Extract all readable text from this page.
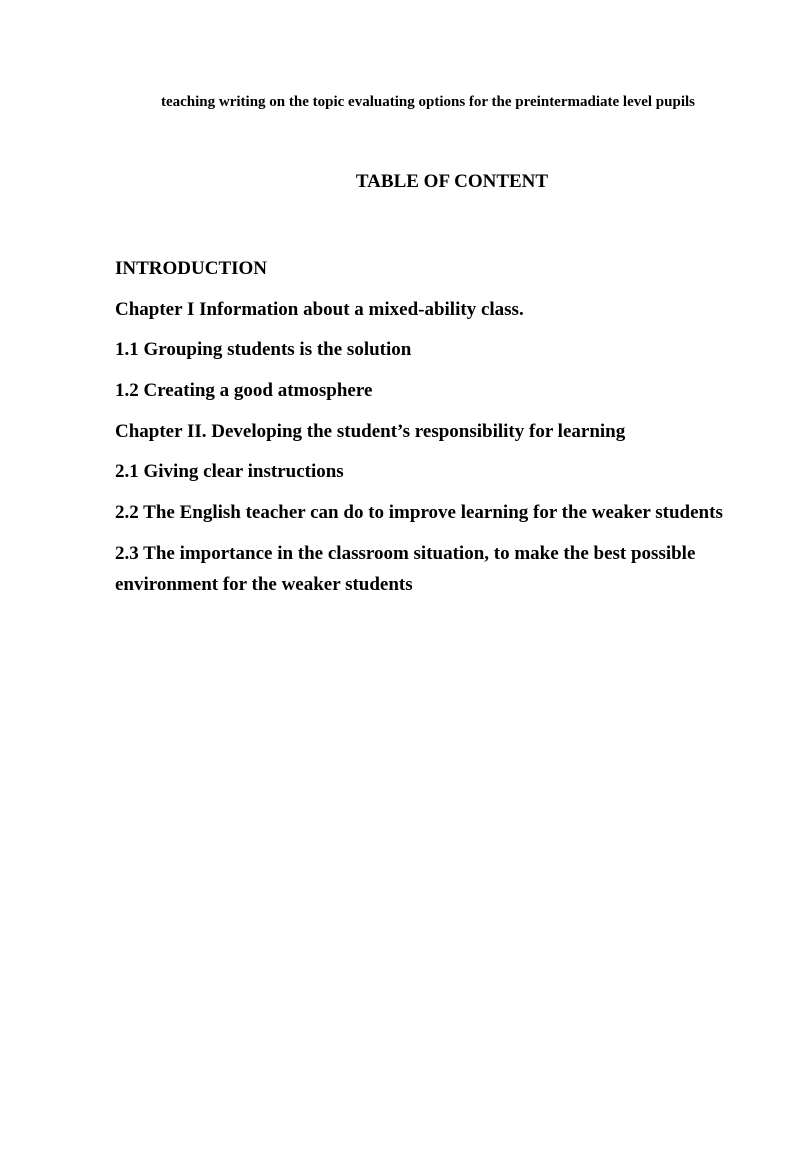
teaching writing on the topic evaluating options for the preintermadiate level pupils
TABLE OF CONTENT
INTRODUCTION
Chapter I Information about a mixed-ability class.
1.1 Grouping students is the solution
1.2 Creating a good atmosphere
Chapter II. Developing the student’s responsibility for learning
2.1 Giving clear instructions
2.2 The English teacher can do to improve learning for the weaker students
2.3 The importance in the classroom situation, to make the best possible environment for the weaker students
